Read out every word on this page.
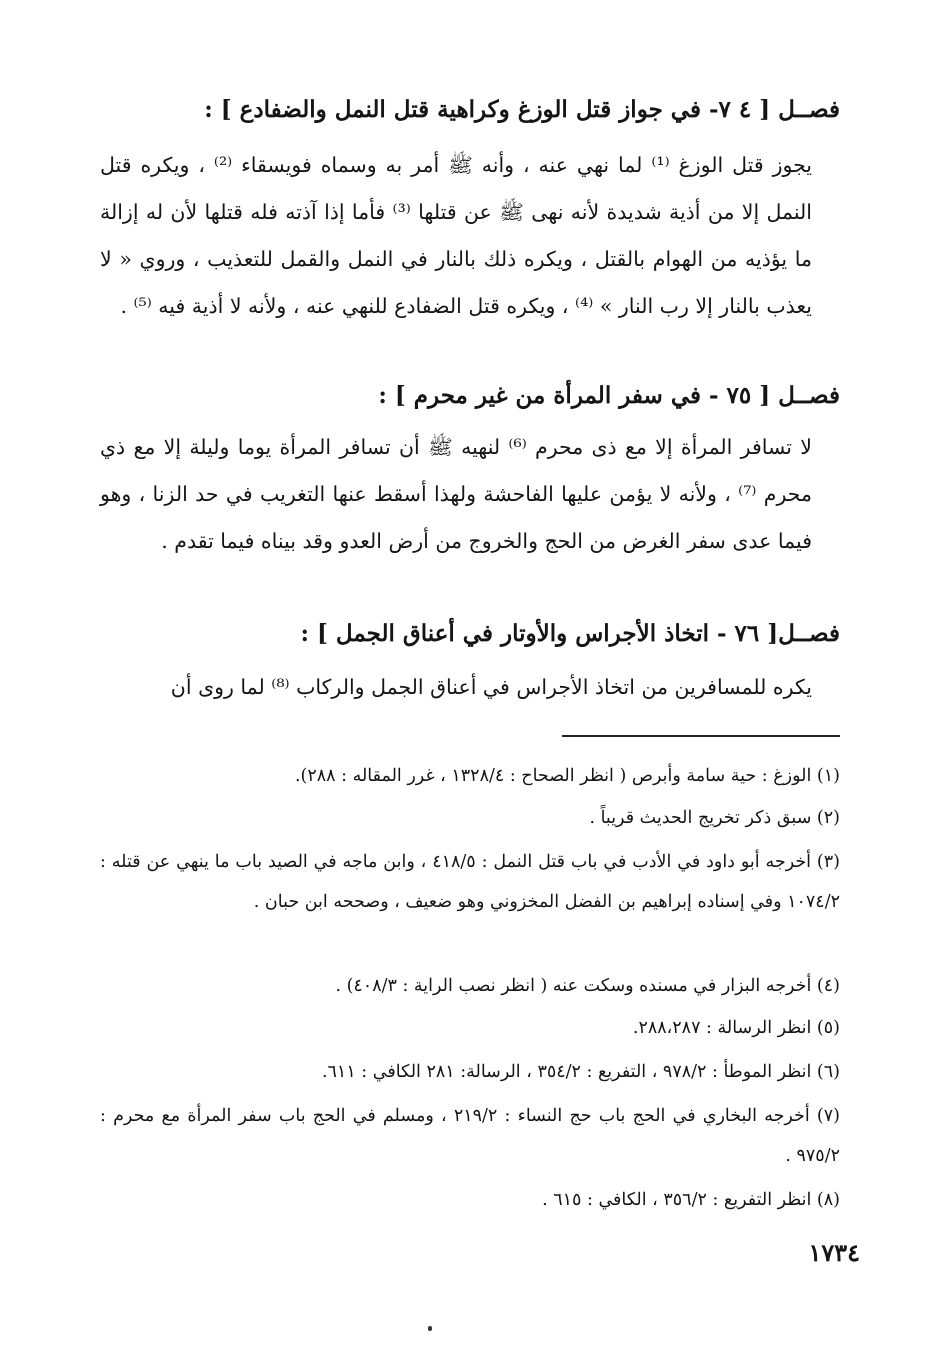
فصــل [ ٤ ٧- في جواز قتل الوزغ وكراهية قتل النمل والضفادع ] :

يجوز قتل الوزغ ⁽¹⁾ لما نهي عنه ، وأنه ﷺ أمر به وسماه فويسقاء ⁽²⁾ ، ويكره قتل النمل إلا من أذية شديدة لأنه نهى ﷺ عن قتلها ⁽³⁾ فأما إذا آذته فله قتلها لأن له إزالة ما يؤذيه من الهوام بالقتل ، ويكره ذلك بالنار في النمل والقمل للتعذيب ، وروي « لا يعذب بالنار إلا رب النار » ⁽⁴⁾ ، ويكره قتل الضفادع للنهي عنه ، ولأنه لا أذية فيه ⁽⁵⁾ .

فصــل [ ٧٥ - في سفر المرأة من غير محرم ] :

لا تسافر المرأة إلا مع ذى محرم ⁽⁶⁾ لنهيه ﷺ أن تسافر المرأة يوما وليلة إلا مع ذي محرم ⁽⁷⁾ ، ولأنه لا يؤمن عليها الفاحشة ولهذا أسقط عنها التغريب في حد الزنا ، وهو فيما عدى سفر الغرض من الحج والخروج من أرض العدو وقد بيناه فيما تقدم .

فصــل[ ٧٦ - اتخاذ الأجراس والأوتار في أعناق الجمل ] :

يكره للمسافرين من اتخاذ الأجراس في أعناق الجمل والركاب ⁽⁸⁾ لما روى أن

(١) الوزغ : حية سامة وأبرص ( انظر الصحاح : ١٣٢٨/٤ ، غرر المقاله : ٢٨٨).
(٢) سبق ذكر تخريج الحديث قريباً .
(٣) أخرجه أبو داود في الأدب في باب قتل النمل : ٤١٨/٥ ، وابن ماجه في الصيد باب ما ينهي عن قتله : ١٠٧٤/٢ وفي إسناده إبراهيم بن الفضل المخزوني وهو ضعيف ، وصححه ابن حبان .
(٤) أخرجه البزار في مسنده وسكت عنه ( انظر نصب الراية : ٤٠٨/٣) .
(٥) انظر الرسالة : ٢٨٨،٢٨٧.
(٦) انظر الموطأ : ٩٧٨/٢ ، التفريع : ٣٥٤/٢ ، الرسالة: ٢٨١ الكافي : ٦١١.
(٧) أخرجه البخاري في الحج باب حج النساء : ٢١٩/٢ ، ومسلم في الحج باب سفر المرأة مع محرم : ٩٧٥/٢ .
(٨) انظر التفريع : ٣٥٦/٢ ، الكافي : ٦١٥ .
١٧٣٤
